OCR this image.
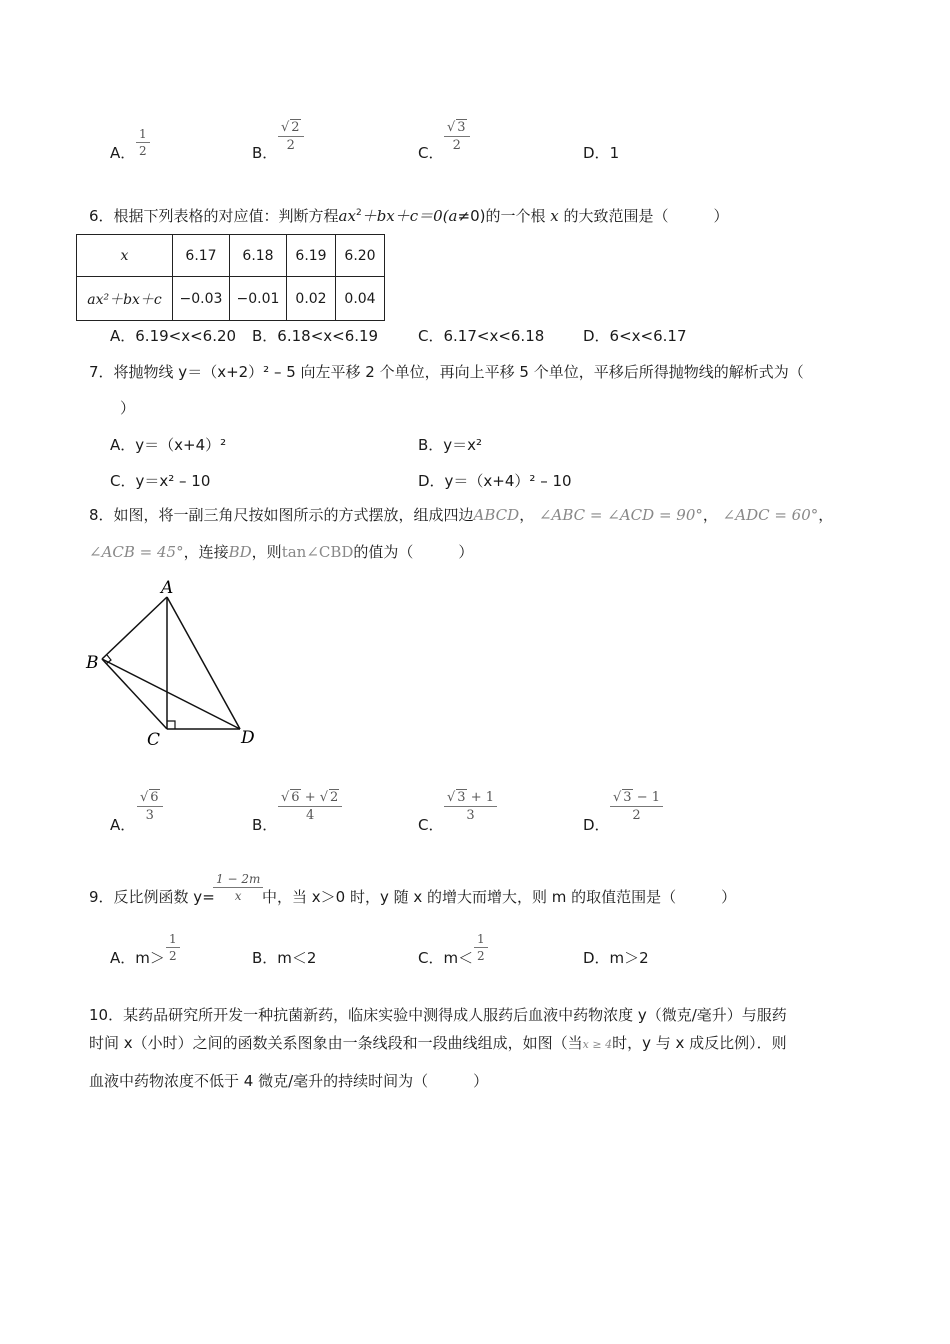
A． $\frac{1}{2}$	B． $\frac{√ 2}{2}$	C． $\frac{√ 3}{2}$	D．1
6．根据下列表格的对应值：判断方程$ax^2+bx+c=0(a\ne 0)$的一个根 x 的大致范围是（　　　）
x	6.17	6.18	6.19	6.20
ax²＋bx＋c	−0.03	−0.01	0.02	0.04
A．6.19<x<6.20 B．6.18<x<6.19	C．6.17<x<6.18	D．6<x<6.17
7．将抛物线 y＝（x+2）² – 5 向左平移 2 个单位，再向上平移 5 个单位，平移后所得抛物线的解析式为（
）
A．y＝（x+4）²	B．y＝x²
C．y＝x² – 10	D．y＝（x+4）² – 10
8．如图，将一副三角尺按如图所示的方式摆放，组成四边ABCD， ∠ABC = ∠ACD = 90°， ∠ADC = 60°，
∠ACB = 45°，连接BD，则tan∠CBD的值为（　　　）
A
B
C	D
A．
$\frac{√ 6}{3}$
B．
$\frac{√ 6 + √ 2}{4}$
C．
$\frac{√ 3 + 1}{3}$
D．
$\frac{√ 3 - 1}{2}$
9．反比例函数 y=
$\frac{1 - 2m}{x}$
中，当 x＞0 时，y 随 x 的增大而增大，则 m 的取值范围是（　　　）
A．$m> \frac{1}{2}$	B．m＜2	C．$m< \frac{1}{2}$	D．m＞2
10．某药品研究所开发一种抗菌新药，临床实验中测得成人服药后血液中药物浓度 y（微克/毫升）与服药
时间 x（小时）之间的函数关系图象由一条线段和一段曲线组成，如图（当x ≥ 4时，y 与 x 成反比例）．则
血液中药物浓度不低于 4 微克/毫升的持续时间为（　　　）
